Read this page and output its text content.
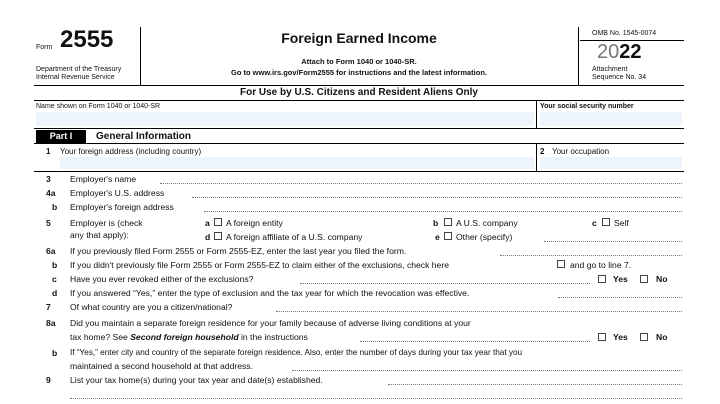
Form 2555
Department of the Treasury
Internal Revenue Service
Foreign Earned Income
Attach to Form 1040 or 1040-SR.
Go to www.irs.gov/Form2555 for instructions and the latest information.
OMB No. 1545-0074
2022
Attachment
Sequence No. 34
For Use by U.S. Citizens and Resident Aliens Only
Name shown on Form 1040 or 1040-SR	Your social security number
Part I	General Information
1 Your foreign address (including country)	2 Your occupation
3 Employer's name
4a Employer's U.S. address
b Employer's foreign address
5 Employer is (check
any that apply):
a A foreign entity	b A U.S. company	c Self
d A foreign affiliate of a U.S. company	e Other (specify)
6a If you previously filed Form 2555 or Form 2555-EZ, enter the last year you filed the form.
b If you didn't previously file Form 2555 or Form 2555-EZ to claim either of the exclusions, check here	and go to line 7.
c Have you ever revoked either of the exclusions?	Yes	No
d If you answered “Yes,” enter the type of exclusion and the tax year for which the revocation was effective.
7 Of what country are you a citizen/national?
8a Did you maintain a separate foreign residence for your family because of adverse living conditions at your
tax home? See Second foreign household in the instructions	Yes	No
b If “Yes,” enter city and country of the separate foreign residence. Also, enter the number of days during your tax year that you
maintained a second household at that address.
9 List your tax home(s) during your tax year and date(s) established.
